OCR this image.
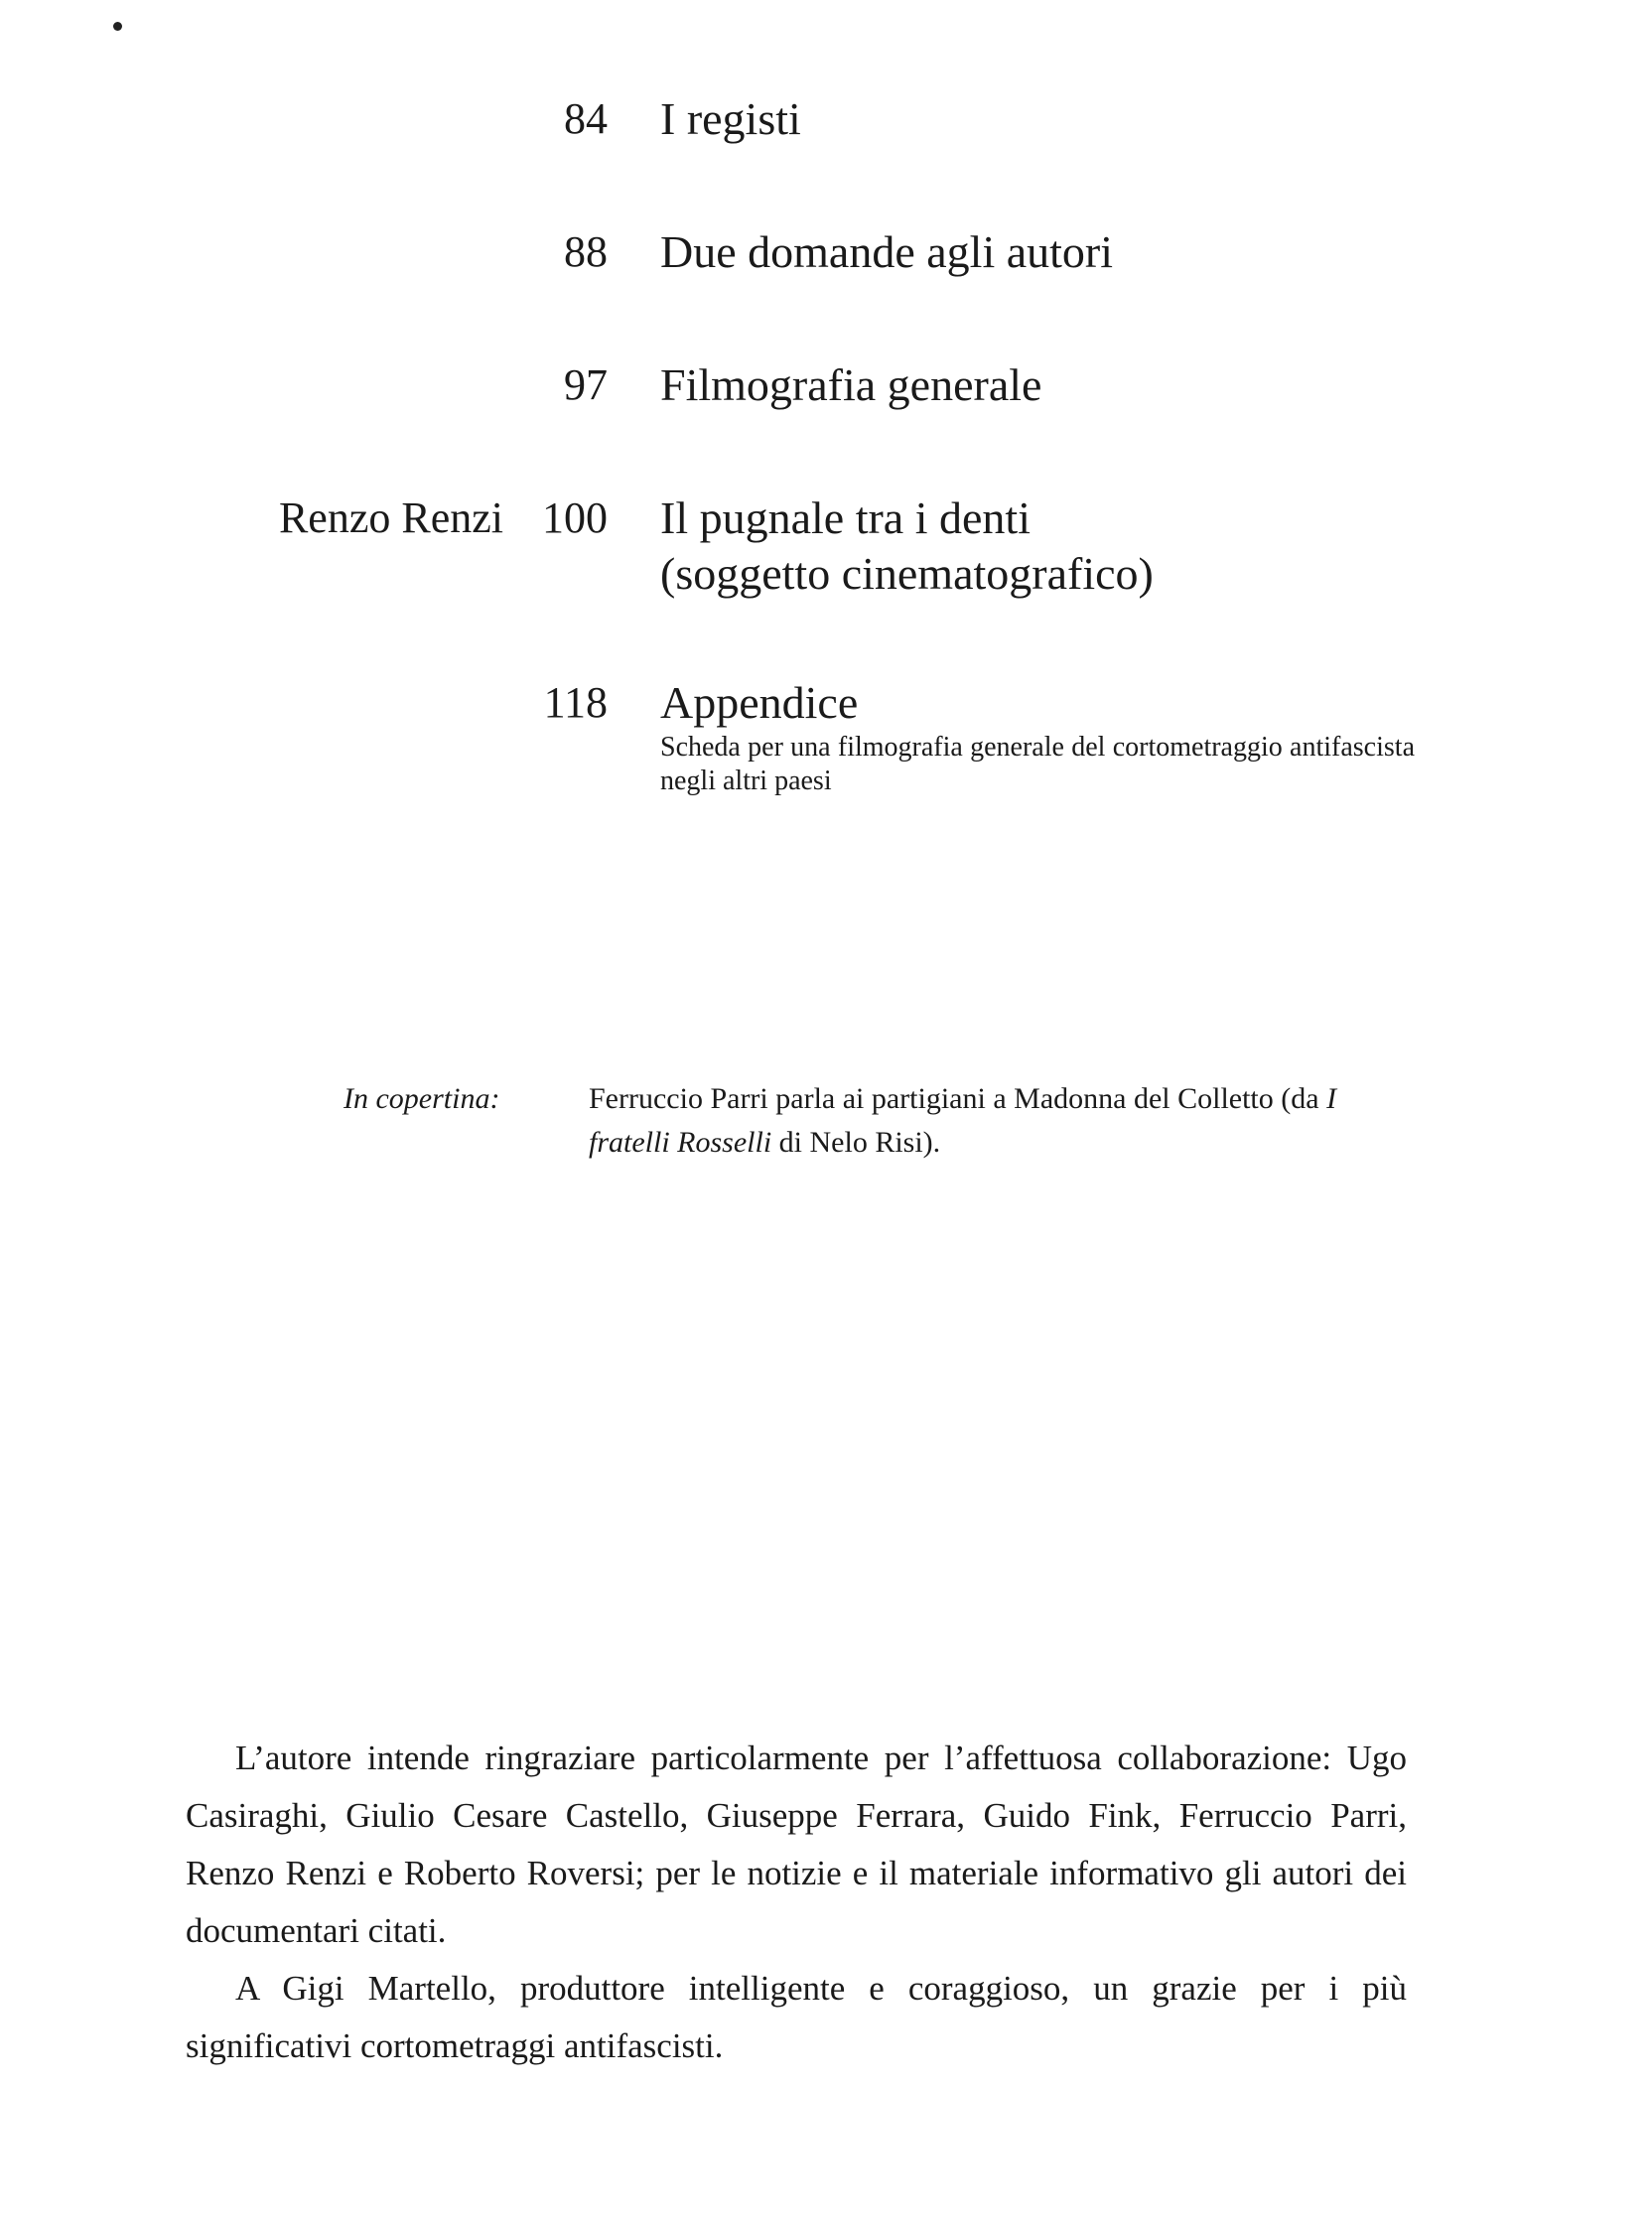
84 I registi
88 Due domande agli autori
97 Filmografia generale
Renzo Renzi 100 Il pugnale tra i denti
(soggetto cinematografico)
118 Appendice
Scheda per una filmografia generale del cortometraggio antifascista negli altri paesi
In copertina:	Ferruccio Parri parla ai partigiani a Madonna del Colletto (da I fratelli Rosselli di Nelo Risi).

L’autore intende ringraziare particolarmente per l’affettuosa collaborazione: Ugo Casiraghi, Giulio Cesare Castello, Giuseppe Ferrara, Guido Fink, Ferruccio Parri, Renzo Renzi e Roberto Roversi; per le notizie e il materiale informativo gli autori dei documentari citati.

A Gigi Martello, produttore intelligente e coraggioso, un grazie per i più significativi cortometraggi antifascisti.
